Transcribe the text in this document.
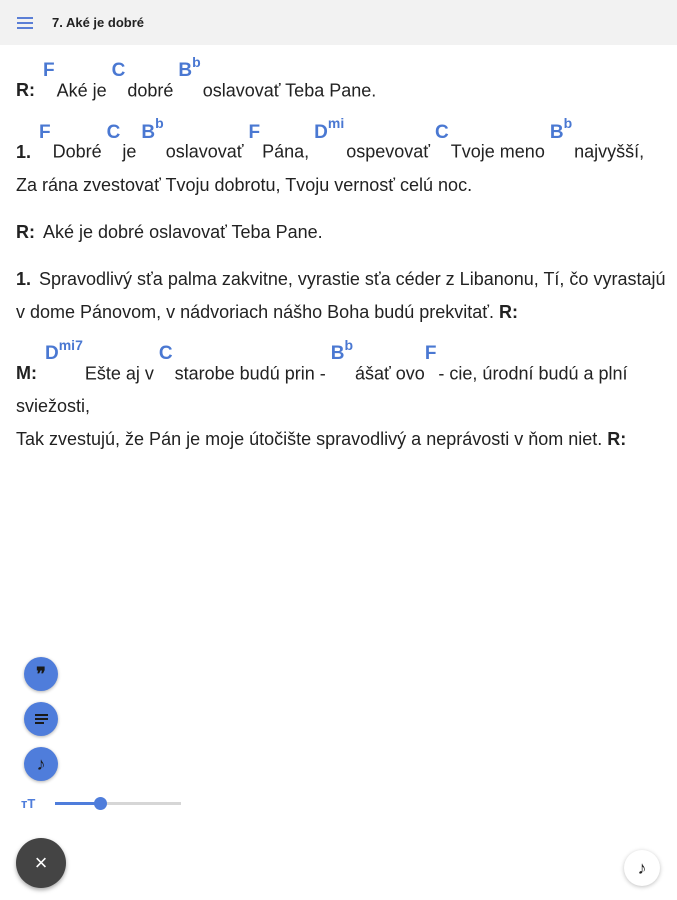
7. Aké je dobré
R:FAké je Cdobré $B^boslavovať$ Teba Pane.
1.FDobré Cje $B^boslavovať$ FPána, $D^{mi}ospevovať$ CTvoje meno $B^bnajvyšší$,
Za rána zvestovať Tvoju dobrotu, Tvoju vernosť celú noc.
R: Aké je dobré oslavovať Teba Pane.
1. Spravodlivý sťa palma zakvitne, vyrastie sťa céder z Libanonu, Tí, čo vyrastajú v dome Pánovom, v nádvoriach nášho Boha budú prekvitať. R:
$M:D^{mi7}Ešte$ aj v Cstarobe budú prin - $B^bášať$ ovoF- cie, úrodní budú a plní sviežosti,
Tak zvestujú, že Pán je moje útočište spravodlivý a neprávosti v ňom niet. R:
❞
♪
тT
×	♪
